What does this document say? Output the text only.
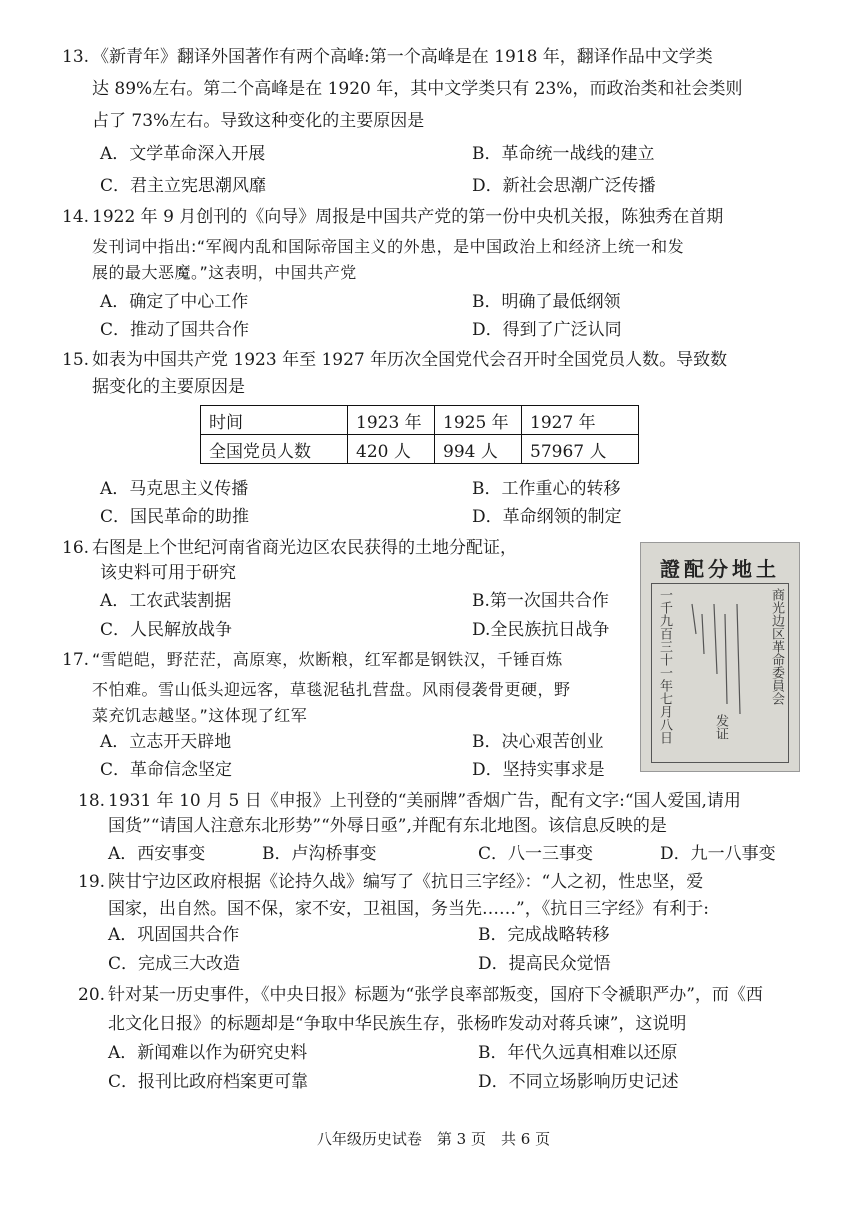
13. 《新青年》翻译外国著作有两个高峰:第一个高峰是在 1918 年，翻译作品中文学类
达 89%左右。第二个高峰是在 1920 年，其中文学类只有 23%，而政治类和社会类则
占了 73%左右。导致这种变化的主要原因是
A．文学革命深入开展	B．革命统一战线的建立
C．君主立宪思潮风靡	D．新社会思潮广泛传播
14. 1922 年 9 月创刊的《向导》周报是中国共产党的第一份中央机关报，陈独秀在首期
发刊词中指出:“军阀内乱和国际帝国主义的外患，是中国政治上和经济上统一和发
展的最大恶魔。”这表明，中国共产党
A．确定了中心工作	B．明确了最低纲领
C．推动了国共合作	D．得到了广泛认同
15. 如表为中国共产党 1923 年至 1927 年历次全国党代会召开时全国党员人数。导致数
据变化的主要原因是
时间	1923 年	1925 年	1927 年
全国党员人数	420 人	994 人	57967 人
A．马克思主义传播	B．工作重心的转移
C．国民革命的助推	D．革命纲领的制定
16. 右图是上个世纪河南省商光边区农民获得的土地分配证，
该史料可用于研究
A．工农武装割据	B.第一次国共合作
C．人民解放战争	D.全民族抗日战争
證配分地土
商光边区革命委員会
一千九百三十一年七月八日	发证
17. “雪皑皑，野茫茫，高原寒，炊断粮，红军都是钢铁汉，千锤百炼
不怕难。雪山低头迎远客，草毯泥毡扎营盘。风雨侵袭骨更硬，野
菜充饥志越坚。”这体现了红军
A．立志开天辟地	B．决心艰苦创业
C．革命信念坚定	D．坚持实事求是
18. 1931 年 10 月 5 日《申报》上刊登的“美丽牌”香烟广告，配有文字:“国人爱国,请用
国货”“请国人注意东北形势”“外辱日亟”,并配有东北地图。该信息反映的是
A．西安事变	B．卢沟桥事变	C．八一三事变	D．九一八事变
19. 陕甘宁边区政府根据《论持久战》编写了《抗日三字经》：“人之初，性忠坚，爱
国家，出自然。国不保，家不安，卫祖国，务当先……”，《抗日三字经》有利于:
A．巩固国共合作	B．完成战略转移
C．完成三大改造	D．提高民众觉悟
20. 针对某一历史事件，《中央日报》标题为“张学良率部叛变，国府下令褫职严办”，而《西
北文化日报》的标题却是“争取中华民族生存，张杨昨发动对蒋兵谏”，这说明
A．新闻难以作为研究史料	B．年代久远真相难以还原
C．报刊比政府档案更可靠	D．不同立场影响历史记述
八年级历史试卷　第 3 页　共 6 页
